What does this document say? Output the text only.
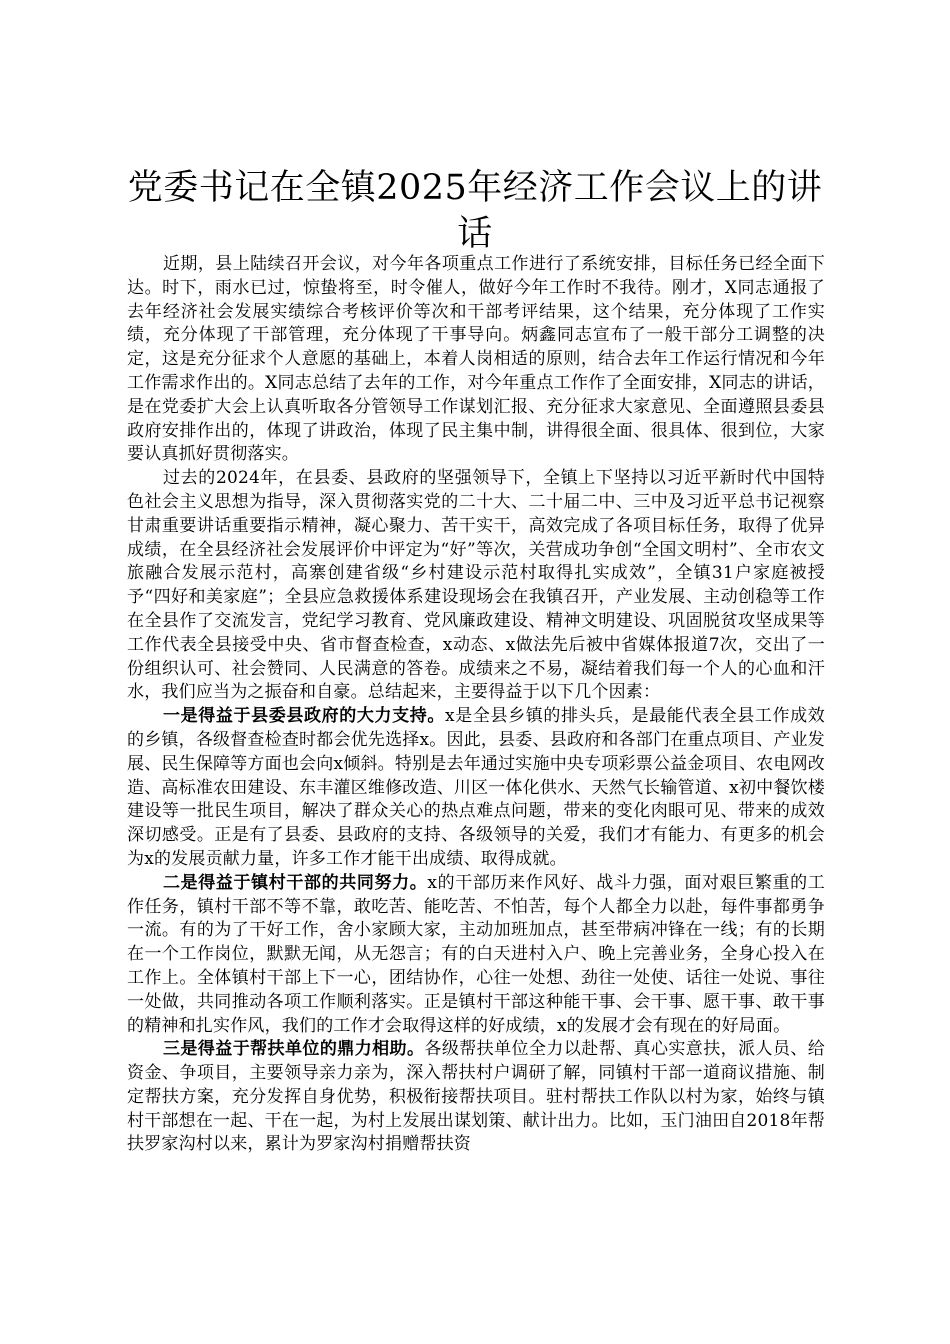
党委书记在全镇2025年经济工作会议上的讲话

近期，县上陆续召开会议，对今年各项重点工作进行了系统安排，目标任务已经全面下达。时下，雨水已过，惊蛰将至，时令催人，做好今年工作时不我待。刚才，X同志通报了去年经济社会发展实绩综合考核评价等次和干部考评结果，这个结果，充分体现了工作实绩，充分体现了干部管理，充分体现了干事导向。炳鑫同志宣布了一般干部分工调整的决定，这是充分征求个人意愿的基础上，本着人岗相适的原则，结合去年工作运行情况和今年工作需求作出的。X同志总结了去年的工作，对今年重点工作作了全面安排，X同志的讲话，是在党委扩大会上认真听取各分管领导工作谋划汇报、充分征求大家意见、全面遵照县委县政府安排作出的，体现了讲政治，体现了民主集中制，讲得很全面、很具体、很到位，大家要认真抓好贯彻落实。

过去的2024年，在县委、县政府的坚强领导下，全镇上下坚持以习近平新时代中国特色社会主义思想为指导，深入贯彻落实党的二十大、二十届二中、三中及习近平总书记视察甘肃重要讲话重要指示精神，凝心聚力、苦干实干，高效完成了各项目标任务，取得了优异成绩，在全县经济社会发展评价中评定为“好”等次，关营成功争创“全国文明村”、全市农文旅融合发展示范村，高寨创建省级“乡村建设示范村取得扎实成效”，全镇31户家庭被授予“四好和美家庭”；全县应急救援体系建设现场会在我镇召开，产业发展、主动创稳等工作在全县作了交流发言，党纪学习教育、党风廉政建设、精神文明建设、巩固脱贫攻坚成果等工作代表全县接受中央、省市督查检查，x动态、x做法先后被中省媒体报道7次，交出了一份组织认可、社会赞同、人民满意的答卷。成绩来之不易，凝结着我们每一个人的心血和汗水，我们应当为之振奋和自豪。总结起来，主要得益于以下几个因素：

一是得益于县委县政府的大力支持。x是全县乡镇的排头兵，是最能代表全县工作成效的乡镇，各级督查检查时都会优先选择x。因此，县委、县政府和各部门在重点项目、产业发展、民生保障等方面也会向x倾斜。特别是去年通过实施中央专项彩票公益金项目、农电网改造、高标准农田建设、东丰灌区维修改造、川区一体化供水、天然气长输管道、x初中餐饮楼建设等一批民生项目，解决了群众关心的热点难点问题，带来的变化肉眼可见、带来的成效深切感受。正是有了县委、县政府的支持、各级领导的关爱，我们才有能力、有更多的机会为x的发展贡献力量，许多工作才能干出成绩、取得成就。

二是得益于镇村干部的共同努力。x的干部历来作风好、战斗力强，面对艰巨繁重的工作任务，镇村干部不等不靠，敢吃苦、能吃苦、不怕苦，每个人都全力以赴，每件事都勇争一流。有的为了干好工作，舍小家顾大家，主动加班加点，甚至带病冲锋在一线；有的长期在一个工作岗位，默默无闻，从无怨言；有的白天进村入户、晚上完善业务，全身心投入在工作上。全体镇村干部上下一心，团结协作，心往一处想、劲往一处使、话往一处说、事往一处做，共同推动各项工作顺利落实。正是镇村干部这种能干事、会干事、愿干事、敢干事的精神和扎实作风，我们的工作才会取得这样的好成绩，x的发展才会有现在的好局面。

三是得益于帮扶单位的鼎力相助。各级帮扶单位全力以赴帮、真心实意扶，派人员、给资金、争项目，主要领导亲力亲为，深入帮扶村户调研了解，同镇村干部一道商议措施、制定帮扶方案，充分发挥自身优势，积极衔接帮扶项目。驻村帮扶工作队以村为家，始终与镇村干部想在一起、干在一起，为村上发展出谋划策、献计出力。比如，玉门油田自2018年帮扶罗家沟村以来，累计为罗家沟村捐赠帮扶资
